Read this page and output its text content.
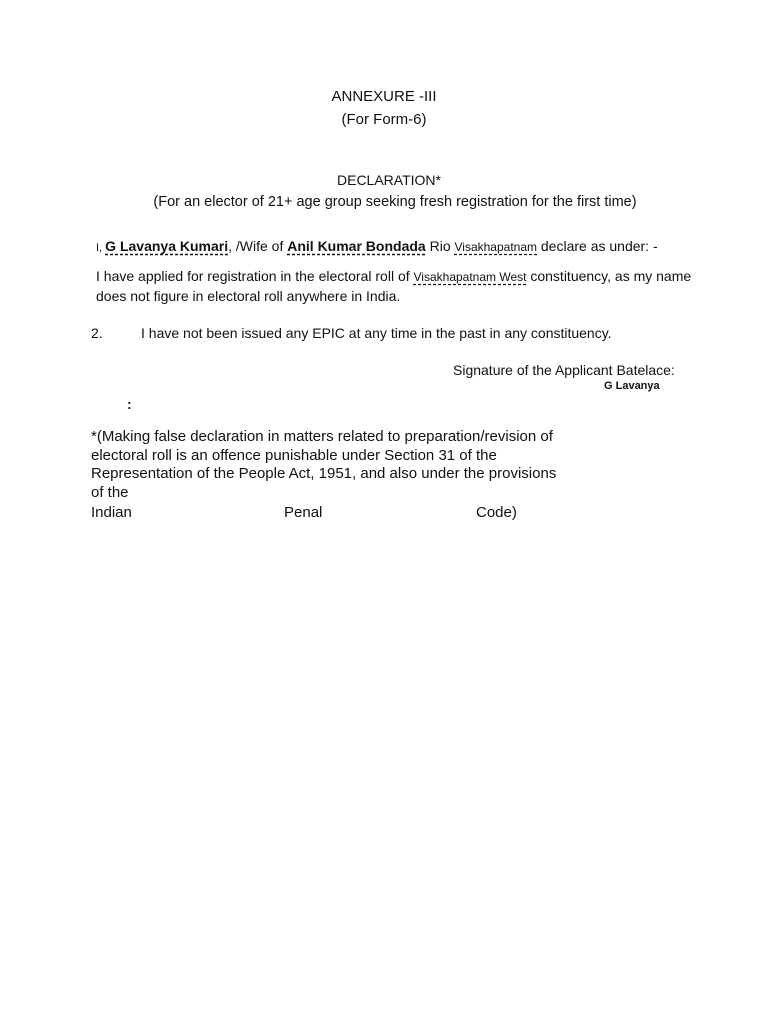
ANNEXURE -III
(For Form-6)
DECLARATION*
(For an elector of 21+ age group seeking fresh registration for the first time)
I, G Lavanya Kumari, /Wife of Anil Kumar Bondada Rio Visakhapatnam declare as under: -
I have applied for registration in the electoral roll of Visakhapatnam West constituency, as my name does not figure in electoral roll anywhere in India.
2.	I have not been issued any EPIC at any time in the past in any constituency.
Signature of the Applicant Batelace:
G Lavanya
:
*(Making false declaration in matters related to preparation/revision of electoral roll is an offence punishable under Section 31 of the Representation of the People Act, 1951, and also under the provisions of the
Indian	Penal	Code)
